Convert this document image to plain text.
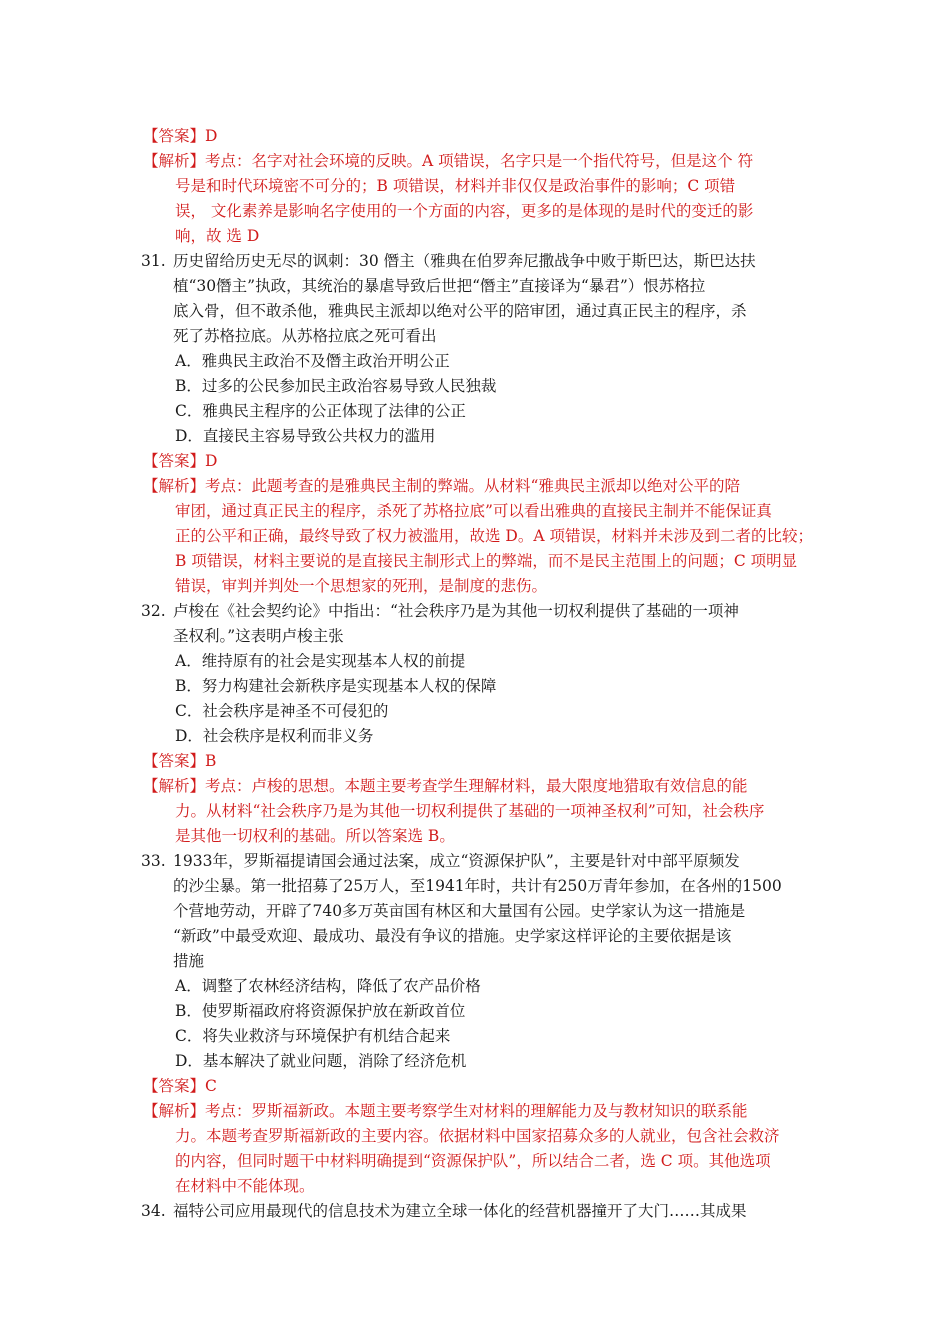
【答案】D
【解析】考点：名字对社会环境的反映。A 项错误，名字只是一个指代符号，但是这个 符
号是和时代环境密不可分的；B 项错误，材料并非仅仅是政治事件的影响；C 项错
误， 文化素养是影响名字使用的一个方面的内容，更多的是体现的是时代的变迁的影
响，故 选 D
31. 历史留给历史无尽的讽刺：30 僭主（雅典在伯罗奔尼撒战争中败于斯巴达，斯巴达扶
植“30僭主”执政，其统治的暴虐导致后世把“僭主”直接译为“暴君”）恨苏格拉
底入骨，但不敢杀他，雅典民主派却以绝对公平的陪审团，通过真正民主的程序，杀
死了苏格拉底。从苏格拉底之死可看出
A．雅典民主政治不及僭主政治开明公正
B．过多的公民参加民主政治容易导致人民独裁
C．雅典民主程序的公正体现了法律的公正
D．直接民主容易导致公共权力的滥用
【答案】D
【解析】考点：此题考查的是雅典民主制的弊端。从材料“雅典民主派却以绝对公平的陪
审团，通过真正民主的程序，杀死了苏格拉底”可以看出雅典的直接民主制并不能保证真
正的公平和正确，最终导致了权力被滥用，故选 D。A 项错误，材料并未涉及到二者的比较；
B 项错误，材料主要说的是直接民主制形式上的弊端，而不是民主范围上的问题；C 项明显
错误，审判并判处一个思想家的死刑，是制度的悲伤。
32. 卢梭在《社会契约论》中指出：“社会秩序乃是为其他一切权利提供了基础的一项神
圣权利。”这表明卢梭主张
A．维持原有的社会是实现基本人权的前提
B．努力构建社会新秩序是实现基本人权的保障
C．社会秩序是神圣不可侵犯的
D．社会秩序是权利而非义务
【答案】B
【解析】考点：卢梭的思想。本题主要考查学生理解材料，最大限度地猎取有效信息的能
力。从材料“社会秩序乃是为其他一切权利提供了基础的一项神圣权利”可知，社会秩序
是其他一切权利的基础。所以答案选 B。
33. 1933年，罗斯福提请国会通过法案，成立“资源保护队”，主要是针对中部平原频发
的沙尘暴。第一批招募了25万人，至1941年时，共计有250万青年参加，在各州的1500
个营地劳动，开辟了740多万英亩国有林区和大量国有公园。史学家认为这一措施是
“新政”中最受欢迎、最成功、最没有争议的措施。史学家这样评论的主要依据是该
措施
A．调整了农林经济结构，降低了农产品价格
B．使罗斯福政府将资源保护放在新政首位
C．将失业救济与环境保护有机结合起来
D．基本解决了就业问题，消除了经济危机
【答案】C
【解析】考点：罗斯福新政。本题主要考察学生对材料的理解能力及与教材知识的联系能
力。本题考查罗斯福新政的主要内容。依据材料中国家招募众多的人就业，包含社会救济
的内容，但同时题干中材料明确提到“资源保护队”，所以结合二者，选 C 项。其他选项
在材料中不能体现。
34. 福特公司应用最现代的信息技术为建立全球一体化的经营机器撞开了大门……其成果
